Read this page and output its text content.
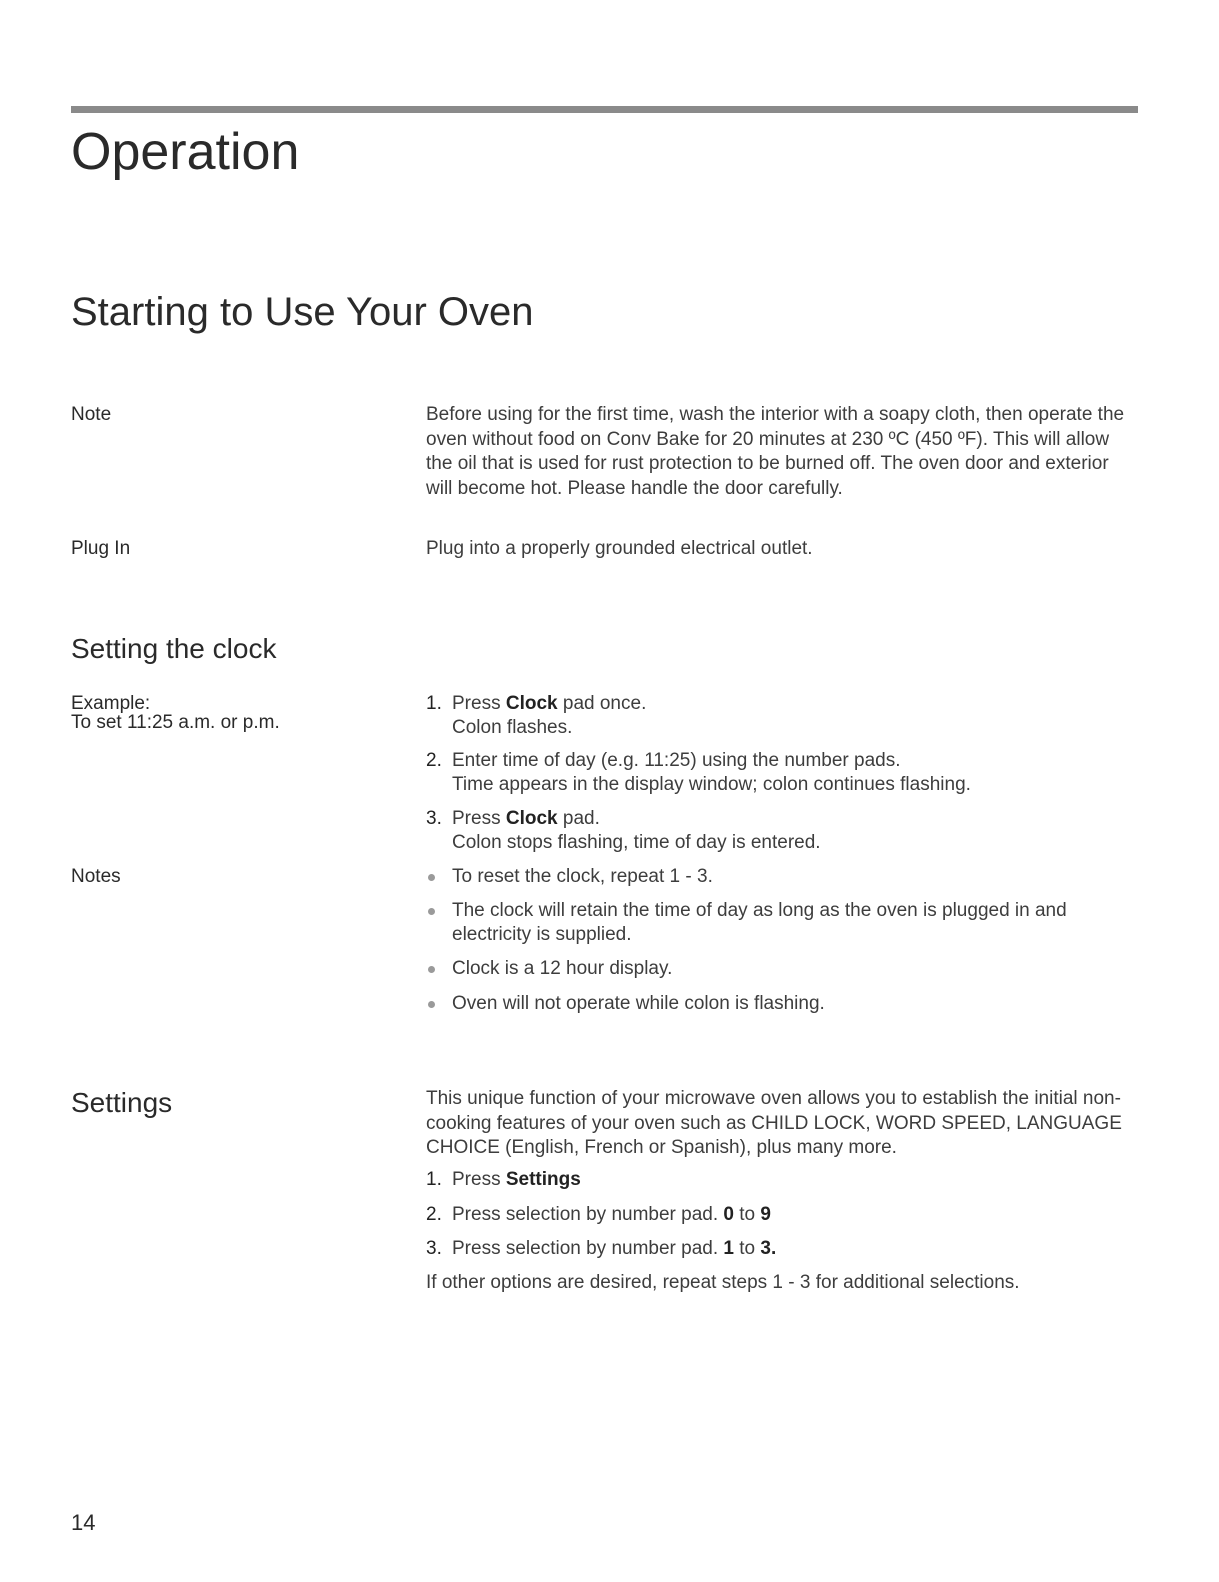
Operation
Starting to Use Your Oven
Note	Before using for the first time, wash the interior with a soapy cloth, then operate the oven without food on Conv Bake for 20 minutes at 230 ºC (450 ºF). This will allow the oil that is used for rust protection to be burned off. The oven door and exterior will become hot. Please handle the door carefully.
Plug In	Plug into a properly grounded electrical outlet.
Setting the clock
Example:
To set 11:25 a.m. or p.m.
1. Press Clock pad once.
Colon flashes.
2. Enter time of day (e.g. 11:25) using the number pads.
Time appears in the display window; colon continues flashing.
3. Press Clock pad.
Colon stops flashing, time of day is entered.
Notes	To reset the clock, repeat 1 - 3.
The clock will retain the time of day as long as the oven is plugged in and electricity is supplied.
Clock is a 12 hour display.
Oven will not operate while colon is flashing.
Settings	This unique function of your microwave oven allows you to establish the initial non-cooking features of your oven such as CHILD LOCK, WORD SPEED, LANGUAGE CHOICE (English, French or Spanish), plus many more.
1. Press Settings
2. Press selection by number pad. 0 to 9
3. Press selection by number pad. 1 to 3.
If other options are desired, repeat steps 1 - 3 for additional selections.
14
